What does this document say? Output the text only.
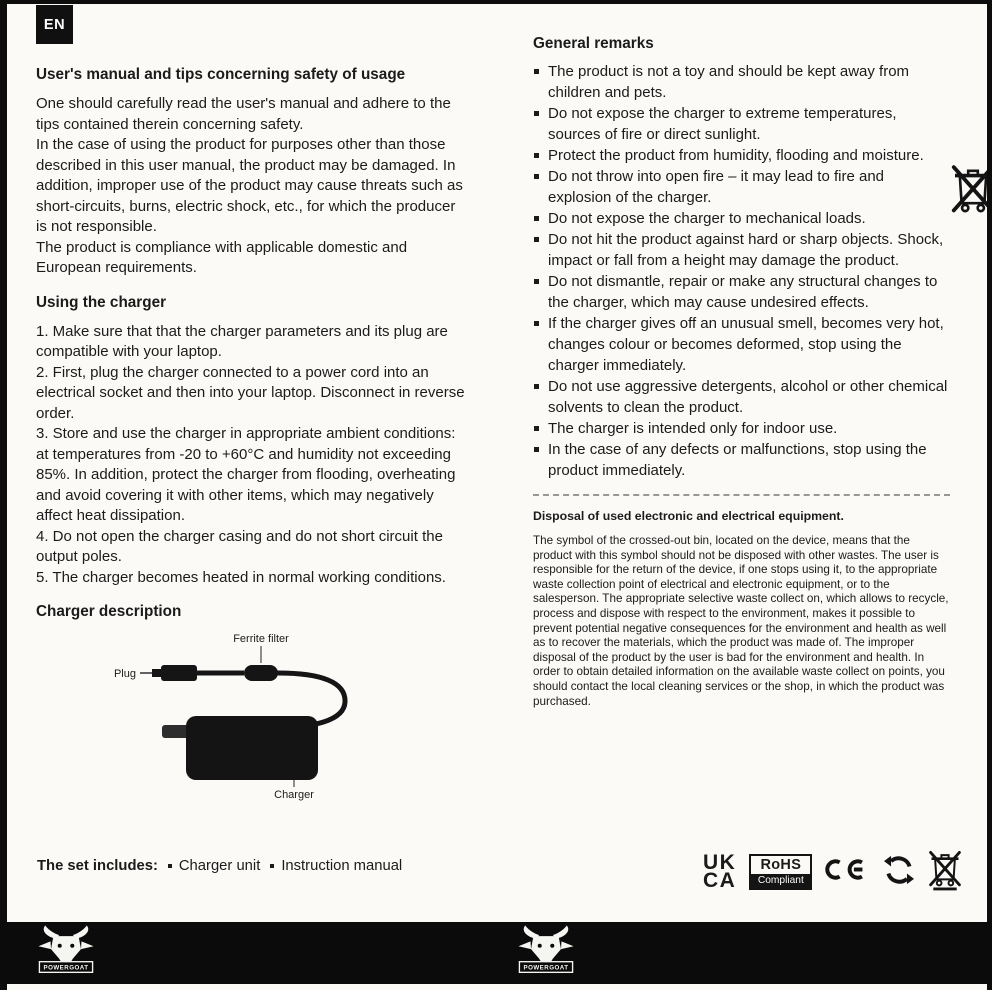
EN
User's manual and tips concerning safety of usage

One should carefully read the user's manual and adhere to the tips contained therein concerning safety.

In the case of using the product for purposes other than those described in this user manual, the product may be damaged. In addition, improper use of the product may cause threats such as short-circuits, burns, electric shock, etc., for which the producer is not responsible.

The product is compliance with applicable domestic and European requirements.

Using the charger

1. Make sure that that the charger parameters and its plug are compatible with your laptop.

2. First, plug the charger connected to a power cord into an electrical socket and then into your laptop. Disconnect in reverse order.

3. Store and use the charger in appropriate ambient conditions: at temperatures from -20 to +60°C and humidity not exceeding 85%. In addition, protect the charger from flooding, overheating and avoid covering it with other items, which may negatively affect heat dissipation.

4. Do not open the charger casing and do not short circuit the output poles.

5. The charger becomes heated in normal working conditions.

Charger description
Ferrite filter
Plug
Charger
The set includes: Charger unit Instruction manual
General remarks
The product is not a toy and should be kept away from children and pets.
Do not expose the charger to extreme temperatures, sources of fire or direct sunlight.
Protect the product from humidity, flooding and moisture.
Do not throw into open fire – it may lead to fire and explosion of the charger.
Do not expose the charger to mechanical loads.
Do not hit the product against hard or sharp objects. Shock, impact or fall from a height may damage the product.
Do not dismantle, repair or make any structural changes to the charger, which may cause undesired effects.
If the charger gives off an unusual smell, becomes very hot, changes colour or becomes deformed, stop using the charger immediately.
Do not use aggressive detergents, alcohol or other chemical solvents to clean the product.
The charger is intended only for indoor use.
In the case of any defects or malfunctions, stop using the product immediately.
Disposal of used electronic and electrical equipment.

The symbol of the crossed-out bin, located on the device, means that the product with this symbol should not be disposed with other wastes. The user is responsible for the return of the device, if one stops using it, to the appropriate waste collection point of electrical and electronic equipment, or to the salesperson. The appropriate selective waste collect on, which allows to recycle, process and dispose with respect to the environment, makes it possible to prevent potential negative consequences for the environment and health as well as to recover the materials, which the product was made of. The improper disposal of the product by the user is bad for the environment and health. In order to obtain detailed information on the available waste collect on points, you should contact the local cleaning services or the shop, in which the product was purchased.

UK
CA
RoHS
Compliant
POWERGOAT	POWERGOAT
